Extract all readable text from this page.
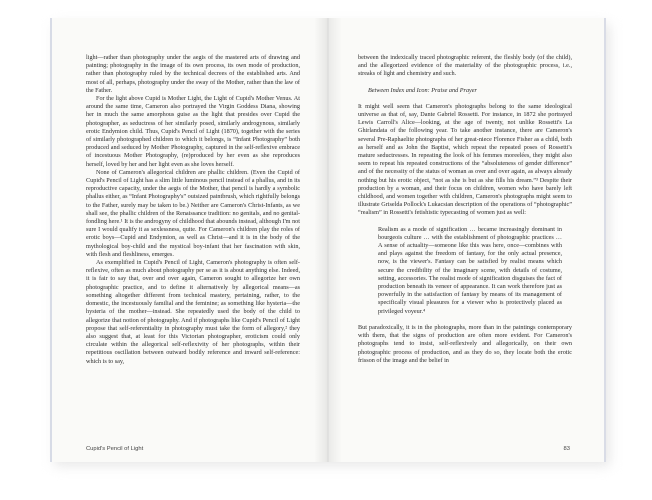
light—rather than photography under the aegis of the mastered arts of drawing and painting; photography in the image of its own process, its own mode of production, rather than photography ruled by the technical decrees of the established arts. And most of all, perhaps, photography under the sway of the Mother, rather than the law of the Father.

For the light above Cupid is Mother Light, the Light of Cupid's Mother Venus. At around the same time, Cameron also portrayed the Virgin Goddess Diana, showing her in much the same amorphous guise as the light that presides over Cupid the photographer, as seductress of her similarly posed, similarly androgynous, similarly erotic Endymion child. Thus, Cupid's Pencil of Light (1870), together with the series of similarly photographed children to which it belongs, is “Infant Photography” both produced and seduced by Mother Photography, captured in the self-reflexive embrace of incestuous Mother Photography, (re)produced by her even as she reproduces herself, loved by her and her light even as she loves herself.

None of Cameron's allegorical children are phallic children. (Even the Cupid of Cupid's Pencil of Light has a slim little luminous pencil instead of a phallus, and in its reproductive capacity, under the aegis of the Mother, that pencil is hardly a symbolic phallus either, as “Infant Photography's” outsized paintbrush, which rightfully belongs to the Father, surely may be taken to be.) Neither are Cameron's Christ-Infants, as we shall see, the phallic children of the Renaissance tradition: no genitals, and no genital-fondling here.¹ It is the androgyny of childhood that abounds instead, although I'm not sure I would qualify it as sexlessness, quite. For Cameron's children play the roles of erotic boys—Cupid and Endymion, as well as Christ—and it is in the body of the mythological boy-child and the mystical boy-infant that her fascination with skin, with flesh and fleshliness, emerges.

As exemplified in Cupid's Pencil of Light, Cameron's photography is often self-reflexive, often as much about photography per se as it is about anything else. Indeed, it is fair to say that, over and over again, Cameron sought to allegorize her own photographic practice, and to define it alternatively by allegorical means—as something altogether different from technical mastery, pertaining, rather, to the domestic, the incestuously familial and the feminine; as something like hysteria—the hysteria of the mother—instead. She repeatedly used the body of the child to allegorize that notion of photography. And if photographs like Cupid's Pencil of Light propose that self-referentiality in photography must take the form of allegory,² they also suggest that, at least for this Victorian photographer, eroticism could only circulate within the allegorical self-reflexivity of her photographs, within their repetitious oscillation between outward bodily reference and inward self-reference: which is to say,

Cupid's Pencil of Light

between the indexically traced photographic referent, the fleshly body (of the child), and the allegorized evidence of the materiality of the photographic process, i.e., streaks of light and chemistry and such.

Between Index and Icon: Praise and Prayer

It might well seem that Cameron's photographs belong to the same ideological universe as that of, say, Dante Gabriel Rossetti. For instance, in 1872 she portrayed Lewis Carroll's Alice—looking, at the age of twenty, not unlike Rossetti's La Ghirlandata of the following year. To take another instance, there are Cameron's several Pre-Raphaelite photographs of her great-niece Florence Fisher as a child, both as herself and as John the Baptist, which repeat the repeated poses of Rossetti's mature seductresses. In repeating the look of his femmes moreelées, they might also seem to repeat his repeated constructions of the “absoluteness of gender difference” and of the necessity of the status of woman as over and over again, as always already nothing but his erotic object, “not as she is but as she fills his dream.”³ Despite their production by a woman, and their focus on children, women who have barely left childhood, and women together with children, Cameron's photographs might seem to illustrate Griselda Pollock's Lukacsian description of the operations of “photographic” “realism” in Rossetti's fetishistic typecasting of women just as well:

Realism as a mode of signification … became increasingly dominant in bourgeois culture … with the establishment of photographic practices … A sense of actuality—someone like this was here, once—combines with and plays against the freedom of fantasy, for the only actual presence, now, is the viewer's. Fantasy can be satisfied by realist means which secure the credibility of the imaginary scene, with details of costume, setting, accessories. The realist mode of signification disguises the fact of production beneath its veneer of appearance. It can work therefore just as powerfully in the satisfaction of fantasy by means of its management of specifically visual pleasures for a viewer who is protectively placed as privileged voyeur.⁴

But paradoxically, it is in the photographs, more than in the paintings contemporary with them, that the signs of production are often more evident. For Cameron's photographs tend to insist, self-reflexively and allegorically, on their own photographic process of production, and as they do so, they locate both the erotic frisson of the image and the belief in

83
